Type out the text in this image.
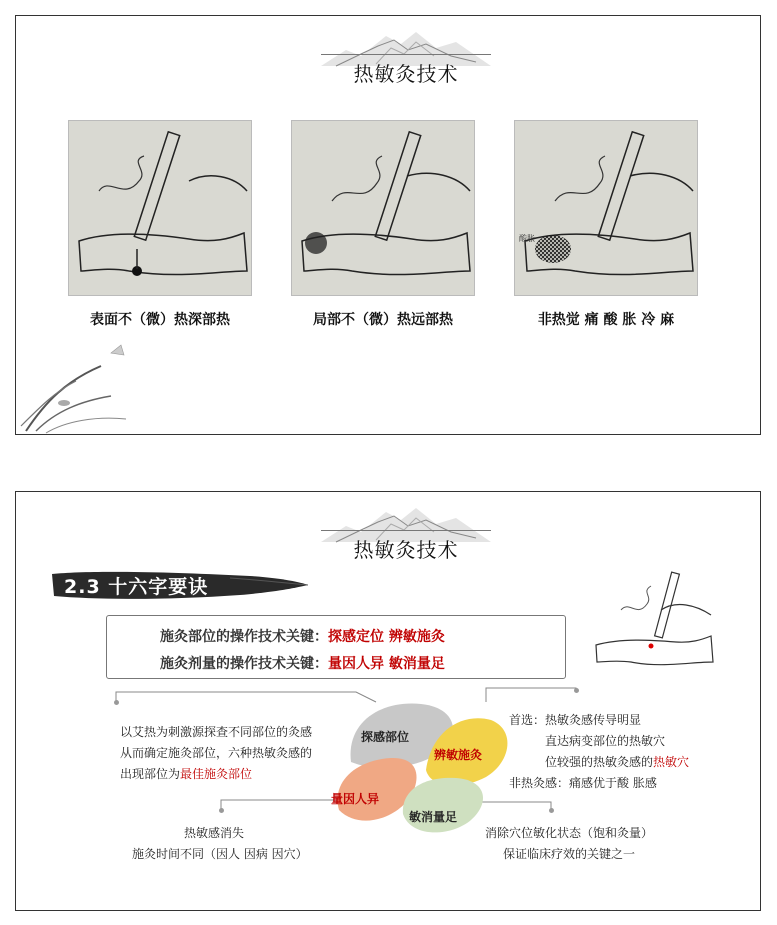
热敏灸技术
酸胀
表面不（微）热深部热	局部不（微）热远部热	非热觉 痛 酸 胀 冷 麻
热敏灸技术
2.3 十六字要诀
施灸部位的操作技术关键：探感定位 辨敏施灸
施灸剂量的操作技术关键：量因人异 敏消量足
探感部位
辨敏施灸
量因人异
敏消量足
以艾热为刺激源探查不同部位的灸感
从而确定施灸部位，六种热敏灸感的
出现部位为最佳施灸部位
首选：热敏灸感传导明显
直达病变部位的热敏穴
位较强的热敏灸感的热敏穴
非热灸感：痛感优于酸 胀感
热敏感消失
施灸时间不同（因人 因病 因穴）
消除穴位敏化状态（饱和灸量）
保证临床疗效的关键之一
